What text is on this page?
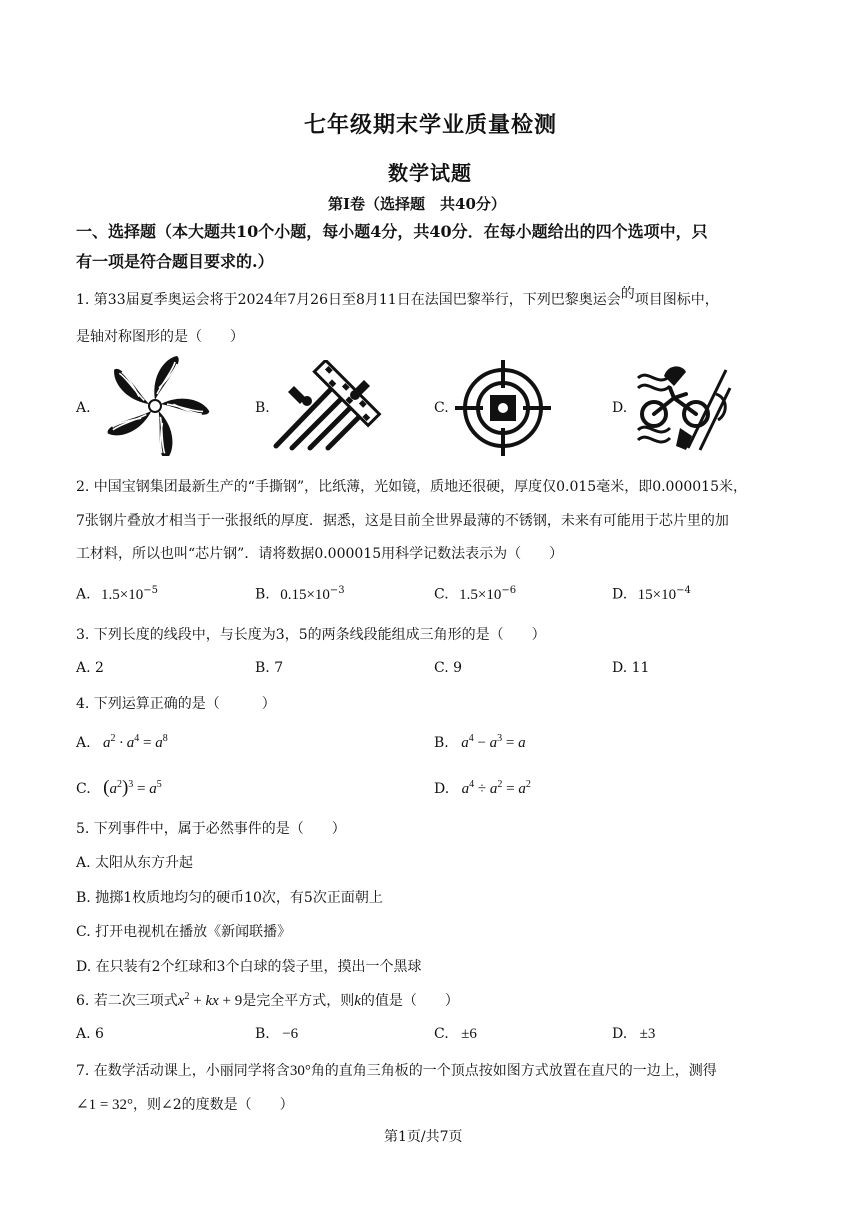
七年级期末学业质量检测
数学试题
第Ⅰ卷（选择题　共40分）
一、选择题（本大题共10个小题，每小题4分，共40分．在每小题给出的四个选项中，只
有一项是符合题目要求的.）
1. 第33届夏季奥运会将于2024年7月26日至8月11日在法国巴黎举行，下列巴黎奥运会的项目图标中，
是轴对称图形的是（　　）
A.	B.	C.	D.
2. 中国宝钢集团最新生产的“手撕钢”，比纸薄，光如镜，质地还很硬，厚度仅0.015毫米，即0.000015米，
7张钢片叠放才相当于一张报纸的厚度．据悉，这是目前全世界最薄的不锈钢，未来有可能用于芯片里的加
工材料，所以也叫“芯片钢”．请将数据0.000015用科学记数法表示为（　　）
A. $1.5\times 10^{-5}$	B. $0.15\times 10^{-3}$	C. $1.5\times 10^{-6}$	D. $15\times 10^{-4}$
3. 下列长度的线段中，与长度为3，5的两条线段能组成三角形的是（　　）
A. 2	B. 7	C. 9	D. 11
4. 下列运算正确的是（　　　）
A. $a^2 \cdot a^4 = a^8$	B. $a^4 - a^3 = a$
C. $(a^2)^3 = a^5$	D. $a^4 \div a^2 = a^2$
5. 下列事件中，属于必然事件的是（　　）
A. 太阳从东方升起
B. 抛掷1枚质地均匀的硬币10次，有5次正面朝上
C. 打开电视机在播放《新闻联播》
D. 在只装有2个红球和3个白球的袋子里，摸出一个黑球
6. 若二次三项式$x^2$ + kx + 9是完全平方式，则k的值是（　　）
A. 6	B. −6	C. ±6	D. ±3
7. 在数学活动课上，小丽同学将含30°角的直角三角板的一个顶点按如图方式放置在直尺的一边上，测得
∠1 = 32°，则∠2的度数是（　　）
第1页/共7页
